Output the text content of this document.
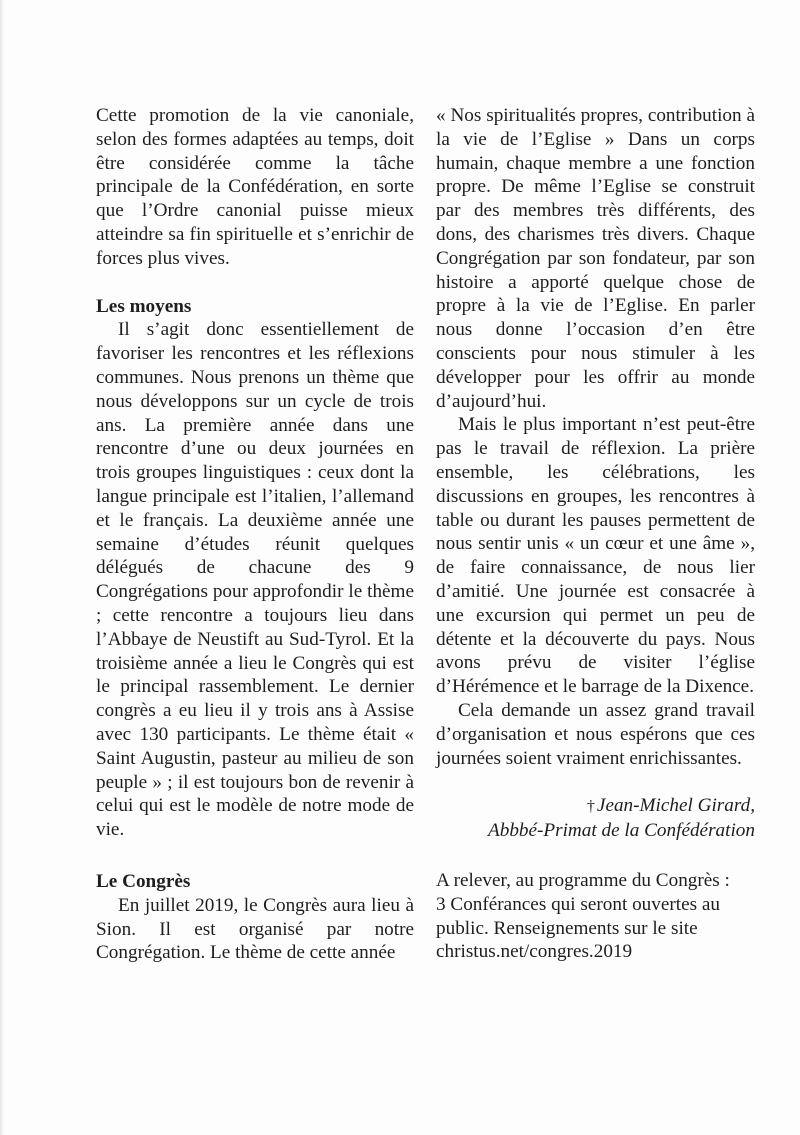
Cette promotion de la vie canoniale, selon des formes adaptées au temps, doit être considérée comme la tâche principale de la Confédération, en sorte que l’Ordre canonial puisse mieux atteindre sa fin spirituelle et s’enrichir de forces plus vives.

Les moyens

Il s’agit donc essentiellement de favoriser les rencontres et les réflexions communes. Nous prenons un thème que nous développons sur un cycle de trois ans. La première année dans une rencontre d’une ou deux journées en trois groupes linguistiques : ceux dont la langue principale est l’italien, l’allemand et le français. La deuxième année une semaine d’études réunit quelques délégués de chacune des 9 Congrégations pour approfondir le thème ; cette rencontre a toujours lieu dans l’Abbaye de Neustift au Sud-Tyrol. Et la troisième année a lieu le Congrès qui est le principal rassemblement. Le dernier congrès a eu lieu il y trois ans à Assise avec 130 participants. Le thème était « Saint Augustin, pasteur au milieu de son peuple » ; il est toujours bon de revenir à celui qui est le modèle de notre mode de vie.

Le Congrès

En juillet 2019, le Congrès aura lieu à Sion. Il est organisé par notre Congrégation. Le thème de cette année

« Nos spiritualités propres, contribution à la vie de l’Eglise » Dans un corps humain, chaque membre a une fonction propre. De même l’Eglise se construit par des membres très différents, des dons, des charismes très divers. Chaque Congrégation par son fondateur, par son histoire a apporté quelque chose de propre à la vie de l’Eglise. En parler nous donne l’occasion d’en être conscients pour nous stimuler à les développer pour les offrir au monde d’aujourd’hui.

Mais le plus important n’est peut-être pas le travail de réflexion. La prière ensemble, les célébrations, les discussions en groupes, les rencontres à table ou durant les pauses permettent de nous sentir unis « un cœur et une âme », de faire connaissance, de nous lier d’amitié. Une journée est consacrée à une excursion qui permet un peu de détente et la découverte du pays. Nous avons prévu de visiter l’église d’Hérémence et le barrage de la Dixence.

Cela demande un assez grand travail d’organisation et nous espérons que ces journées soient vraiment enrichissantes.

† Jean-Michel Girard,
Abbbé-Primat de la Confédération
A relever, au programme du Congrès :
3 Conférances qui seront ouvertes au public. Renseignements sur le site christus.net/congres.2019
